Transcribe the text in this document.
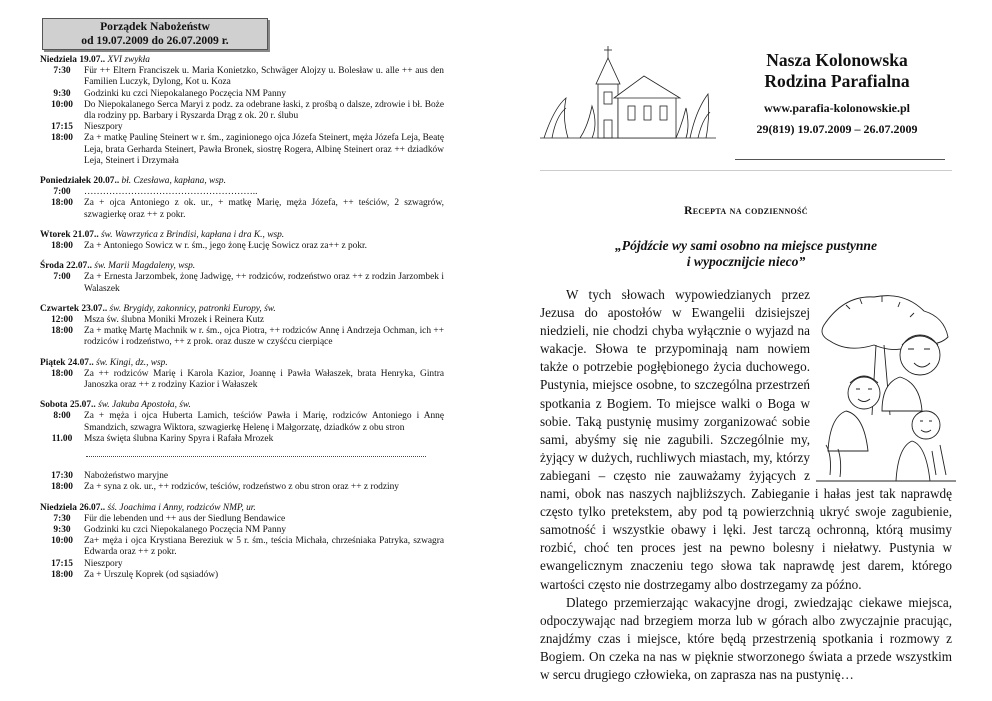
Porządek Nabożeństw
od 19.07.2009 do 26.07.2009 r.
Niedziela 19.07.. XVI zwykła
7:30	Für ++ Eltern Franciszek u. Maria Konietzko, Schwäger Alojzy u. Bolesław u. alle ++ aus den Familien Luczyk, Dylong, Kot u. Koza
9:30	Godzinki ku czci Niepokalanego Poczęcia NM Panny
10:00	Do Niepokalanego Serca Maryi z podz. za odebrane łaski, z prośbą o dalsze, zdrowie i bł. Boże dla rodziny pp. Barbary i Ryszarda Drąg z ok. 20 r. ślubu
17:15	Nieszpory
18:00	Za + matkę Paulinę Steinert w r. śm., zaginionego ojca Józefa Steinert, męża Józefa Leja, Beatę Leja, brata Gerharda Steinert, Pawła Bronek, siostrę Rogera, Albinę Steinert oraz ++ dziadków Leja, Steinert i Drzymała
Poniedziałek 20.07.. bł. Czesława, kapłana, wsp.
7:00	………………………………………………..
18:00	Za + ojca Antoniego z ok. ur., + matkę Marię, męża Józefa, ++ teściów, 2 szwagrów, szwagierkę oraz ++ z pokr.
Wtorek 21.07.. św. Wawrzyńca z Brindisi, kapłana i dra K., wsp.
18:00	Za + Antoniego Sowicz w r. śm., jego żonę Łucję Sowicz oraz za++ z pokr.
Środa 22.07.. św. Marii Magdaleny, wsp.
7:00	Za + Ernesta Jarzombek, żonę Jadwigę, ++ rodziców, rodzeństwo oraz ++ z rodzin Jarzombek i Walaszek
Czwartek 23.07.. św. Brygidy, zakonnicy, patronki Europy, św.
12:00	Msza św. ślubna Moniki Mrozek i Reinera Kutz
18:00	Za + matkę Martę Machnik w r. śm., ojca Piotra, ++ rodziców Annę i Andrzeja Ochman, ich ++ rodziców i rodzeństwo, ++ z prok. oraz dusze w czyśćcu cierpiące
Piątek 24.07.. św. Kingi, dz., wsp.
18:00	Za ++ rodziców Marię i Karola Kazior, Joannę i Pawła Wałaszek, brata Henryka, Gintra Janoszka oraz ++ z rodziny Kazior i Wałaszek
Sobota 25.07.. św. Jakuba Apostoła, św.
8:00	Za + męża i ojca Huberta Lamich, teściów Pawła i Marię, rodziców Antoniego i Annę Smandzich, szwagra Wiktora, szwagierkę Helenę i Małgorzatę, dziadków z obu stron
11.00	Msza święta ślubna Kariny Spyra i Rafała Mrozek
17:30	Nabożeństwo maryjne
18:00	Za + syna z ok. ur., ++ rodziców, teściów, rodzeństwo z obu stron oraz ++ z rodziny
Niedziela 26.07.. śś. Joachima i Anny, rodziców NMP, ur.
7:30	Für die lebenden und ++ aus der Siedlung Bendawice
9:30	Godzinki ku czci Niepokalanego Poczęcia NM Panny
10:00	Za+ męża i ojca Krystiana Bereziuk w 5 r. śm., teścia Michała, chrześniaka Patryka, szwagra Edwarda oraz ++ z pokr.
17:15	Nieszpory
18:00	Za + Urszulę Koprek (od sąsiadów)
Nasza Kolonowska
Rodzina Parafialna
www.parafia-kolonowskie.pl
29(819) 19.07.2009 – 26.07.2009
Recepta na codzienność
„Pójdźcie wy sami osobno na miejsce pustynne
i wypocznijcie nieco”

W tych słowach wypowiedzianych przez Jezusa do apostołów w Ewangelii dzisiejszej niedzieli, nie chodzi chyba wyłącznie o wyjazd na wakacje. Słowa te przypominają nam nowiem także o potrzebie pogłębionego życia duchowego. Pustynia, miejsce osobne, to szczególna przestrzeń spotkania z Bogiem. To miejsce walki o Boga w sobie. Taką pustynię musimy zorganizować sobie sami, abyśmy się nie zagubili. Szczególnie my, żyjący w dużych, ruchliwych miastach, my, którzy zabiegani – często nie zauważamy żyjących z nami, obok nas naszych najbliższych. Zabieganie i hałas jest tak naprawdę często tylko pretekstem, aby pod tą powierzchnią ukryć swoje zagubienie, samotność i wszystkie obawy i lęki. Jest tarczą ochronną, którą musimy rozbić, choć ten proces jest na pewno bolesny i niełatwy. Pustynia w ewangelicznym znaczeniu tego słowa tak naprawdę jest darem, którego wartości często nie dostrzegamy albo dostrzegamy za późno.

Dlatego przemierzając wakacyjne drogi, zwiedzając ciekawe miejsca, odpoczywając nad brzegiem morza lub w górach albo zwyczajnie pracując, znajdźmy czas i miejsce, które będą przestrzenią spotkania i rozmowy z Bogiem. On czeka na nas w pięknie stworzonego świata a przede wszystkim w sercu drugiego człowieka, on zaprasza nas na pustynię…
